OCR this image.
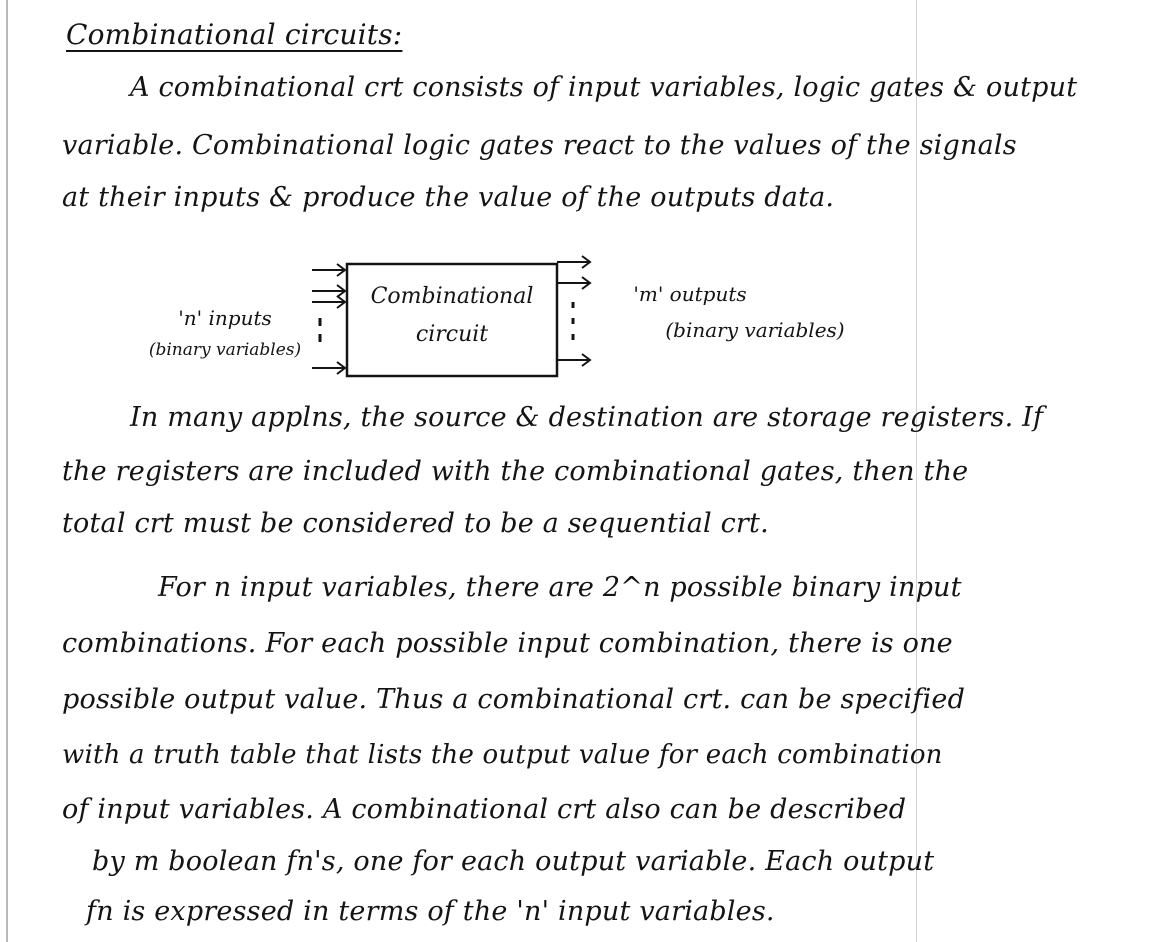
Combinational circuits:
A combinational crt consists of input variables, logic gates & output
variable. Combinational logic gates react to the values of the signals
at their inputs & produce the value of the outputs data.
Combinational
circuit
'n' inputs
(binary variables)
'm' outputs
(binary variables)
In many applns, the source & destination are storage registers. If
the registers are included with the combinational gates, then the
total crt must be considered to be a sequential crt.
For n input variables, there are 2^n possible binary input
combinations. For each possible input combination, there is one
possible output value. Thus a combinational crt. can be specified
with a truth table that lists the output value for each combination
of input variables. A combinational crt also can be described
by m boolean fn's, one for each output variable. Each output
fn is expressed in terms of the 'n' input variables.
